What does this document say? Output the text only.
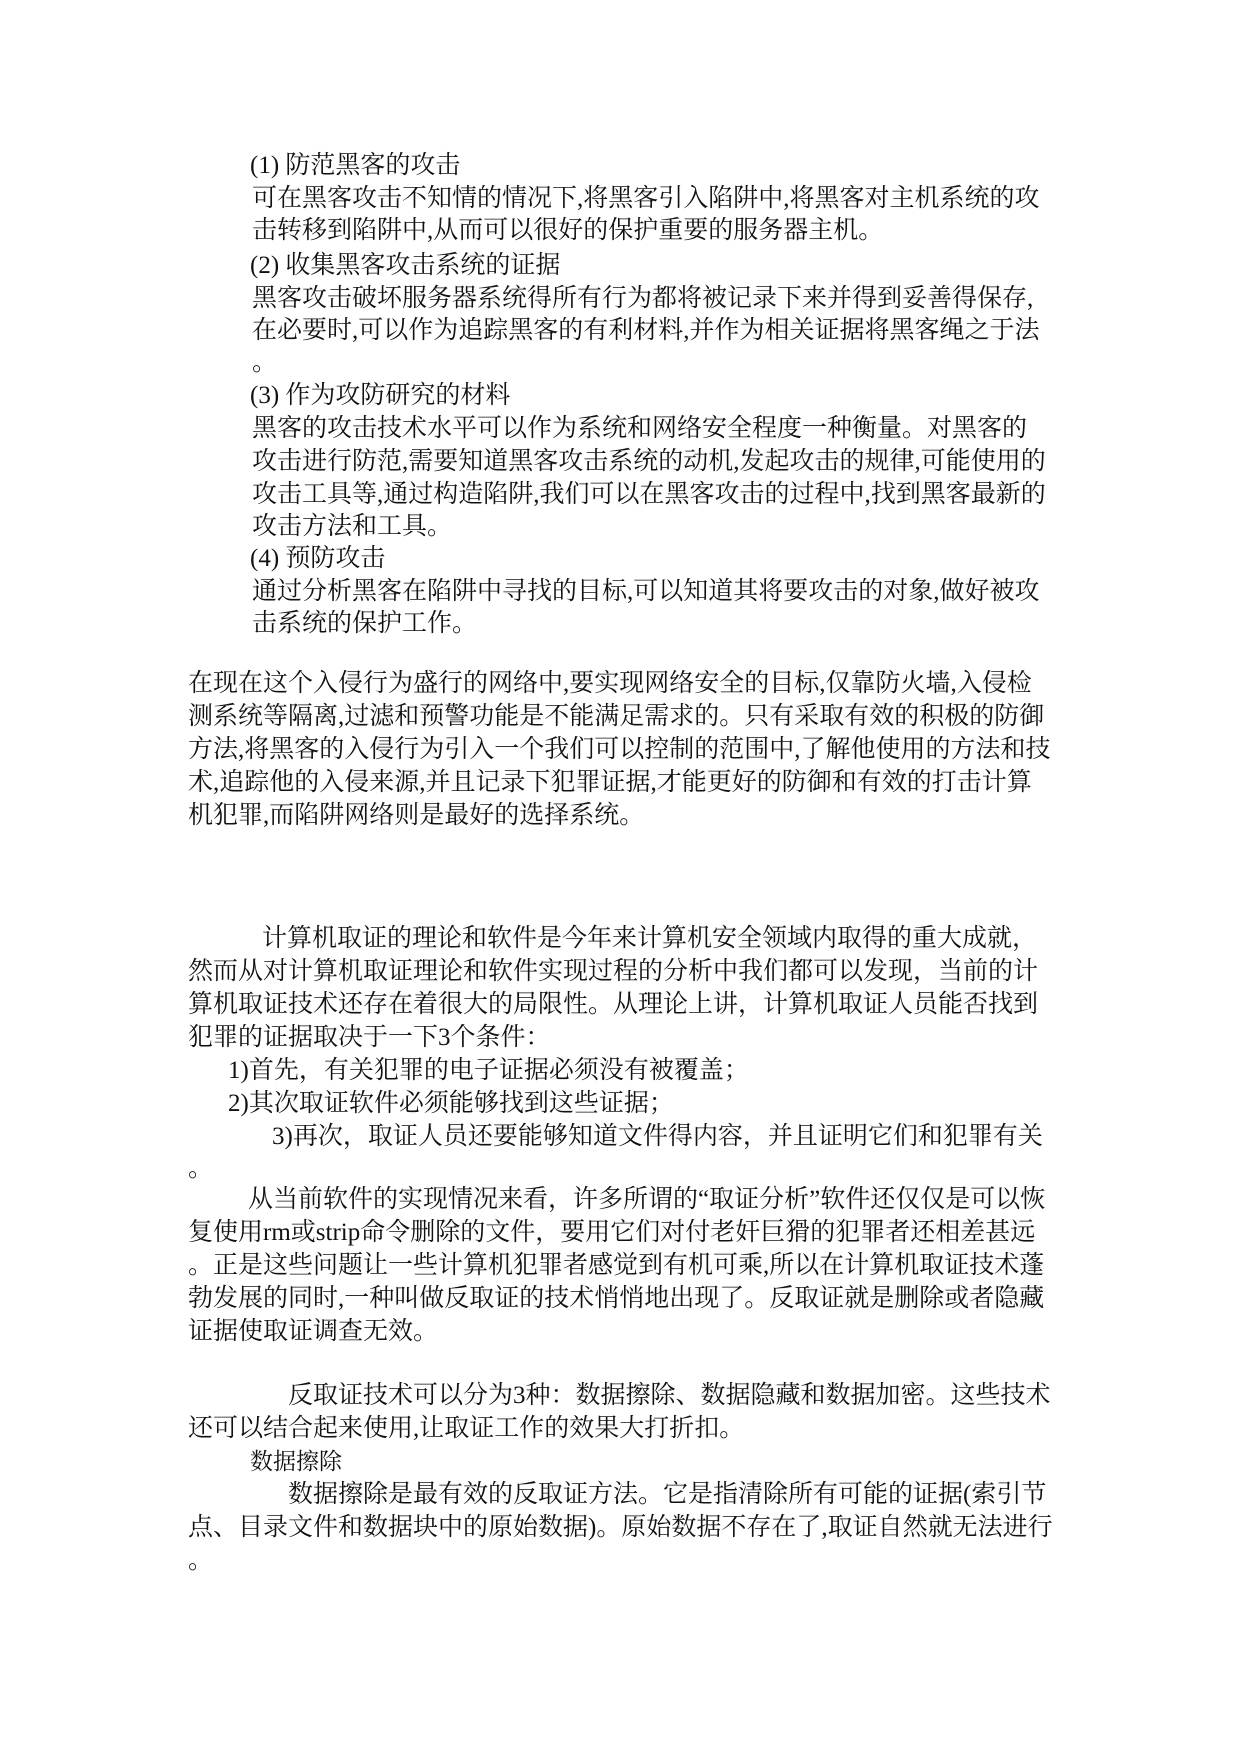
(1) 防范黑客的攻击
可在黑客攻击不知情的情况下,将黑客引入陷阱中,将黑客对主机系统的攻
击转移到陷阱中,从而可以很好的保护重要的服务器主机。
(2) 收集黑客攻击系统的证据
黑客攻击破坏服务器系统得所有行为都将被记录下来并得到妥善得保存,
在必要时,可以作为追踪黑客的有利材料,并作为相关证据将黑客绳之于法
。
(3) 作为攻防研究的材料
黑客的攻击技术水平可以作为系统和网络安全程度一种衡量。对黑客的
攻击进行防范,需要知道黑客攻击系统的动机,发起攻击的规律,可能使用的
攻击工具等,通过构造陷阱,我们可以在黑客攻击的过程中,找到黑客最新的
攻击方法和工具。
(4) 预防攻击
通过分析黑客在陷阱中寻找的目标,可以知道其将要攻击的对象,做好被攻
击系统的保护工作。
在现在这个入侵行为盛行的网络中,要实现网络安全的目标,仅靠防火墙,入侵检
测系统等隔离,过滤和预警功能是不能满足需求的。只有采取有效的积极的防御
方法,将黑客的入侵行为引入一个我们可以控制的范围中,了解他使用的方法和技
术,追踪他的入侵来源,并且记录下犯罪证据,才能更好的防御和有效的打击计算
机犯罪,而陷阱网络则是最好的选择系统。
计算机取证的理论和软件是今年来计算机安全领域内取得的重大成就，
然而从对计算机取证理论和软件实现过程的分析中我们都可以发现，当前的计
算机取证技术还存在着很大的局限性。从理论上讲，计算机取证人员能否找到
犯罪的证据取决于一下3个条件：
1)首先，有关犯罪的电子证据必须没有被覆盖；
2)其次取证软件必须能够找到这些证据；
3)再次，取证人员还要能够知道文件得内容，并且证明它们和犯罪有关
。
从当前软件的实现情况来看，许多所谓的“取证分析”软件还仅仅是可以恢
复使用rm或strip命令删除的文件，要用它们对付老奸巨猾的犯罪者还相差甚远
。正是这些问题让一些计算机犯罪者感觉到有机可乘,所以在计算机取证技术蓬
勃发展的同时,一种叫做反取证的技术悄悄地出现了。反取证就是删除或者隐藏
证据使取证调查无效。
反取证技术可以分为3种：数据擦除、数据隐藏和数据加密。这些技术
还可以结合起来使用,让取证工作的效果大打折扣。
数据擦除
数据擦除是最有效的反取证方法。它是指清除所有可能的证据(索引节
点、目录文件和数据块中的原始数据)。原始数据不存在了,取证自然就无法进行
。
